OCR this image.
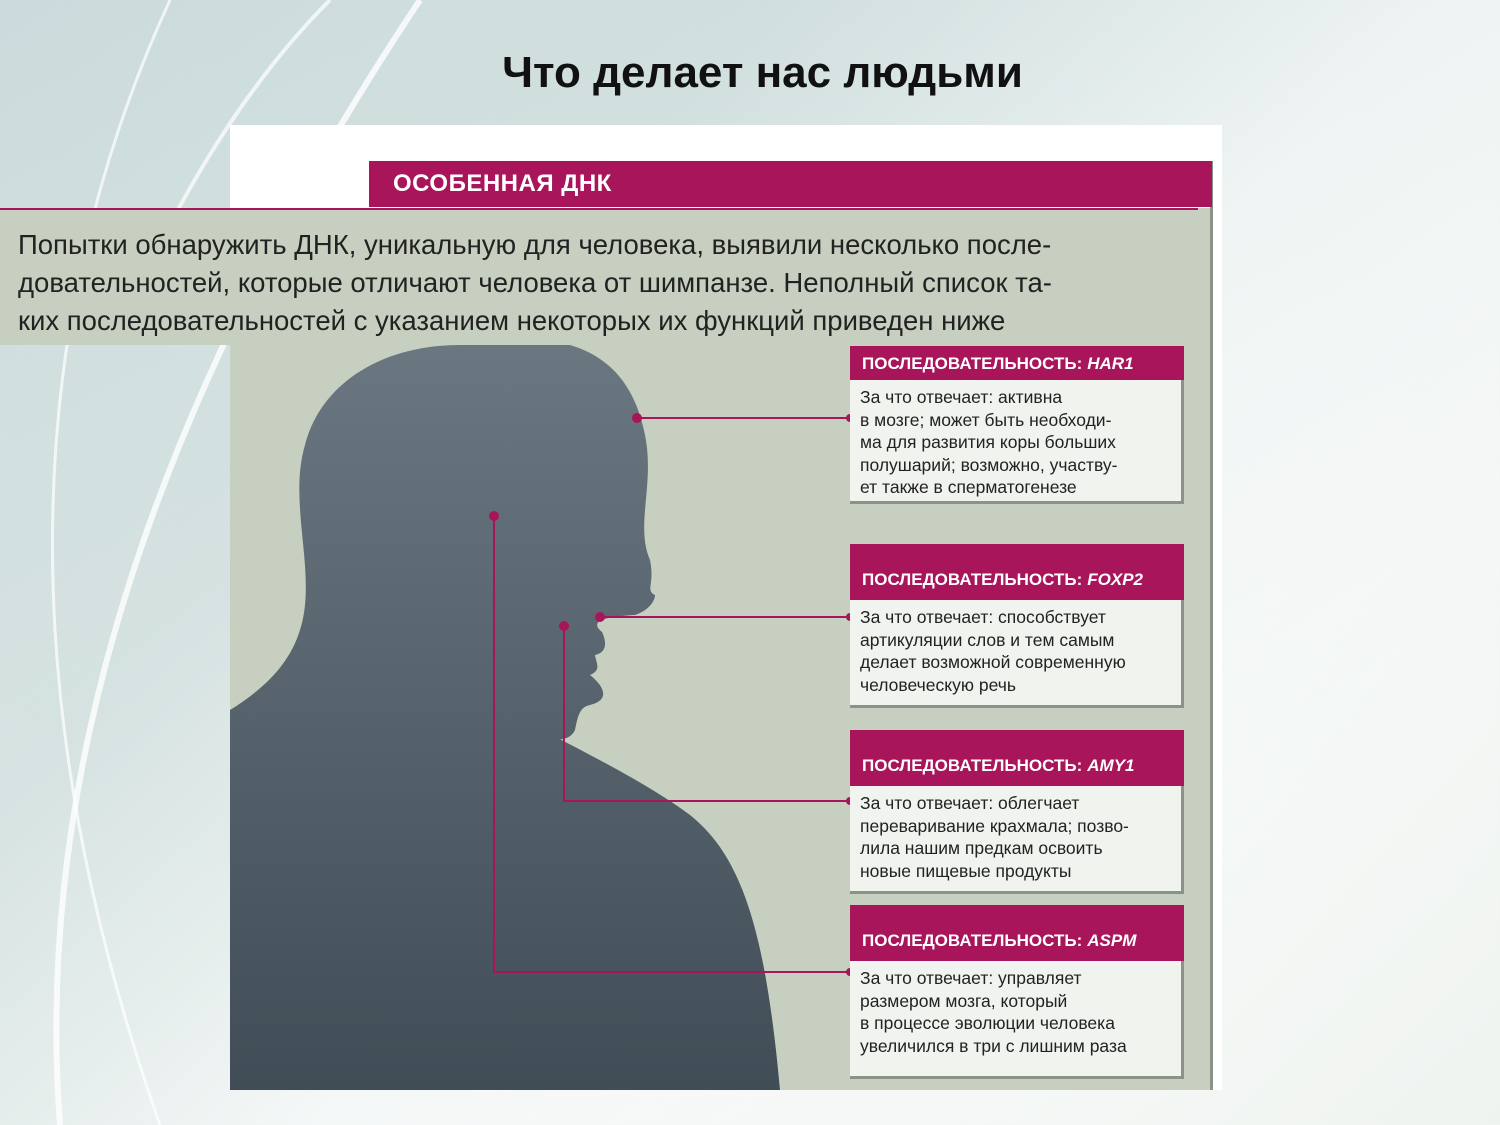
Что делает нас людьми
ОСОБЕННАЯ ДНК
Попытки обнаружить ДНК, уникальную для человека, выявили несколько после-
довательностей, которые отличают человека от шимпанзе. Неполный список та-
ких последовательностей с указанием некоторых их функций приведен ниже
ПОСЛЕДОВАТЕЛЬНОСТЬ: HAR1
За что отвечает: активна
в мозге; может быть необходи-
ма для развития коры больших
полушарий; возможно, участву-
ет также в сперматогенезе
ПОСЛЕДОВАТЕЛЬНОСТЬ: FOXP2
За что отвечает: способствует
артикуляции слов и тем самым
делает возможной современную
человеческую речь
ПОСЛЕДОВАТЕЛЬНОСТЬ: AMY1
За что отвечает: облегчает
переваривание крахмала; позво-
лила нашим предкам освоить
новые пищевые продукты
ПОСЛЕДОВАТЕЛЬНОСТЬ: ASPM
За что отвечает: управляет
размером мозга, который
в процессе эволюции человека
увеличился в три с лишним раза
